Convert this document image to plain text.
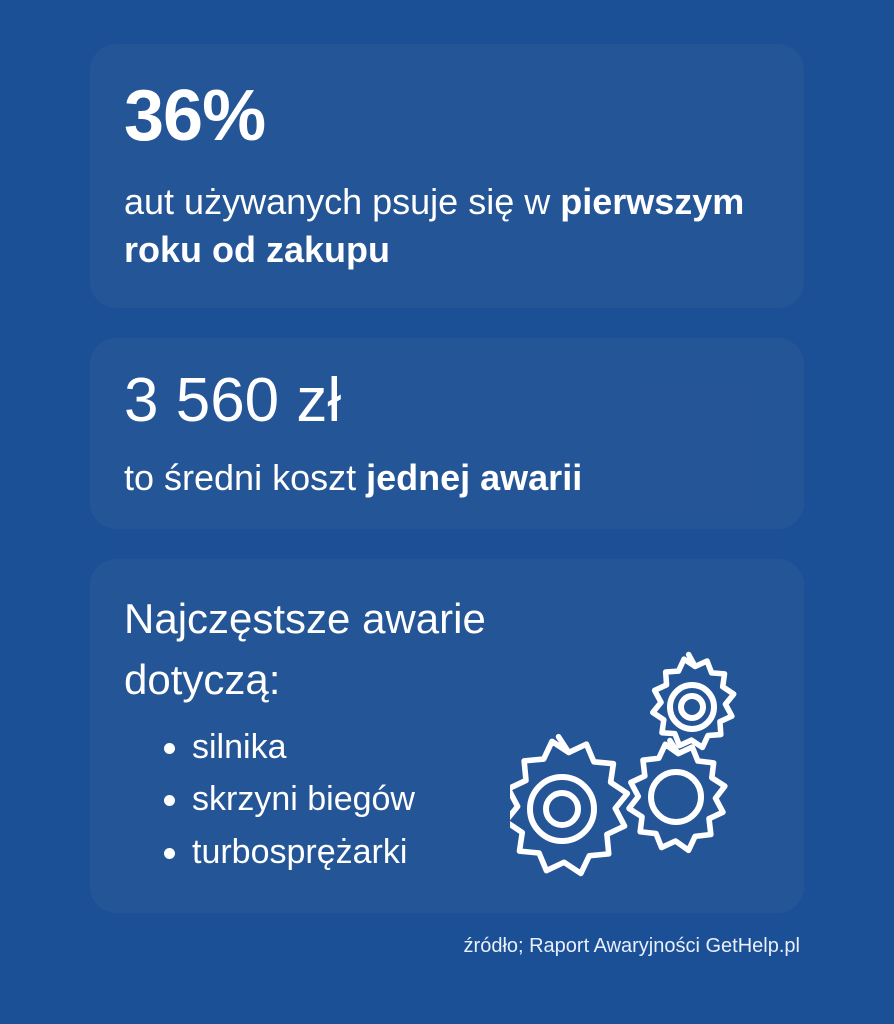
36%
aut używanych psuje się w pierwszym roku od zakupu
3 560 zł
to średni koszt jednej awarii
Najczęstsze awarie dotyczą:
silnika
skrzyni biegów
turbosprężarki
źródło; Raport Awaryjności GetHelp.pl
